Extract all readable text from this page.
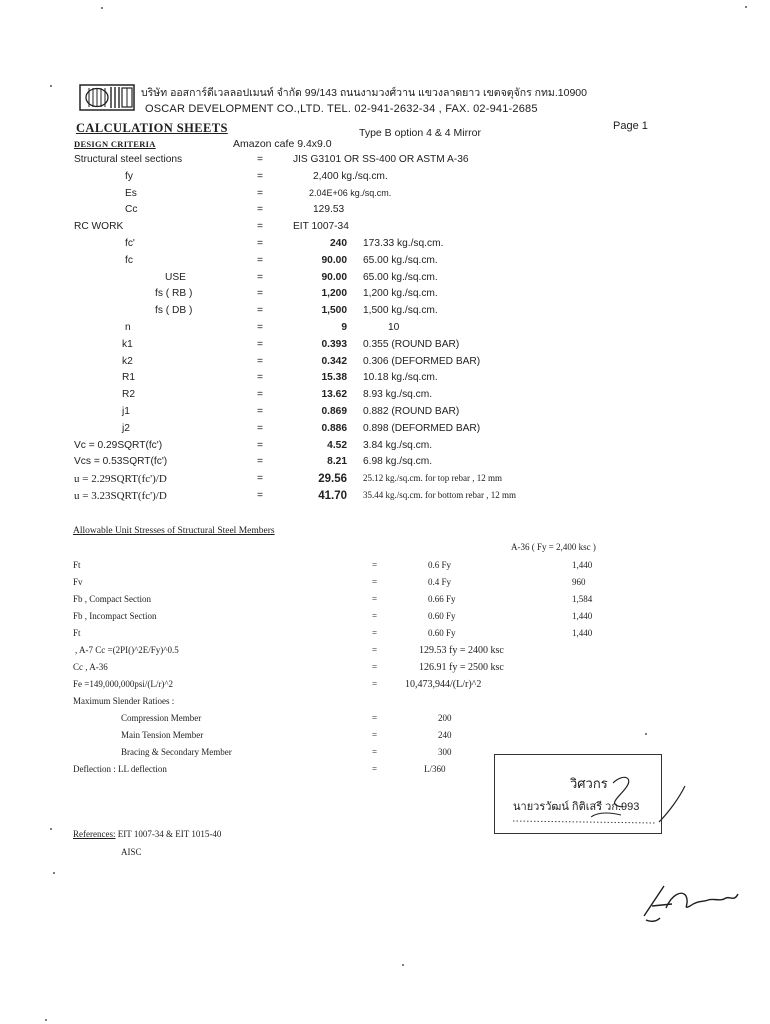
บริษัท ออสการ์ดีเวลลอปเมนท์ จำกัด 99/143 ถนนงามวงศ์วาน แขวงลาดยาว เขตจตุจักร กทม.10900
OSCAR DEVELOPMENT CO.,LTD. TEL. 02-941-2632-34 , FAX. 02-941-2685
CALCULATION SHEETS	Page 1
Type B option 4 & 4 Mirror
Amazon cafe 9.4x9.0
DESIGN CRITERIA
Structural steel sections	=	JIS G3101 OR SS-400 OR ASTM A-36
fy	=	2,400 kg./sq.cm.
Es	=	2.04E+06 kg./sq.cm.
Cc	=	129.53
RC WORK	=	EIT 1007-34
fc'	=	240 173.33 kg./sq.cm.
fc	=	90.00 65.00 kg./sq.cm.
USE	=	90.00 65.00 kg./sq.cm.
fs ( RB )	=	1,200 1,200 kg./sq.cm.
fs ( DB )	=	1,500 1,500 kg./sq.cm.
n	=	9	10
k1	=	0.393 0.355 (ROUND BAR)
k2	=	0.342 0.306 (DEFORMED BAR)
R1	=	15.38 10.18 kg./sq.cm.
R2	=	13.62 8.93 kg./sq.cm.
j1	=	0.869 0.882 (ROUND BAR)
j2	=	0.886 0.898 (DEFORMED BAR)
Vc = 0.29SQRT(fc')	=	4.52 3.84 kg./sq.cm.
Vcs = 0.53SQRT(fc')	=	8.21 6.98 kg./sq.cm.
u = 2.29SQRT(fc')/D	=	29.56 25.12 kg./sq.cm. for top rebar , 12 mm
u = 3.23SQRT(fc')/D	=	41.70 35.44 kg./sq.cm. for bottom rebar , 12 mm
Allowable Unit Stresses of Structural Steel Members
A-36 ( Fy = 2,400 ksc )
Ft	=	0.6 Fy	1,440
Fv	=	0.4 Fy	960
Fb , Compact Section	=	0.66 Fy	1,584
Fb , Incompact Section	=	0.60 Fy	1,440
Ft	=	0.60 Fy	1,440
, A-7 Cc =(2PI()^2E/Fy)^0.5	=	129.53 fy = 2400 ksc
Cc , A-36	=	126.91 fy = 2500 ksc
Fe =149,000,000psi/(L/r)^2	=	10,473,944/(L/r)^2
Maximum Slender Ratioes :
Compression Member	=	200
Main Tension Member	=	240
Bracing & Secondary Member	=	300
Deflection : LL deflection	=	L/360
วิศวกร
นายวรวัฒน์ กิติเสรี วก.993
References: EIT 1007-34 & EIT 1015-40
AISC
